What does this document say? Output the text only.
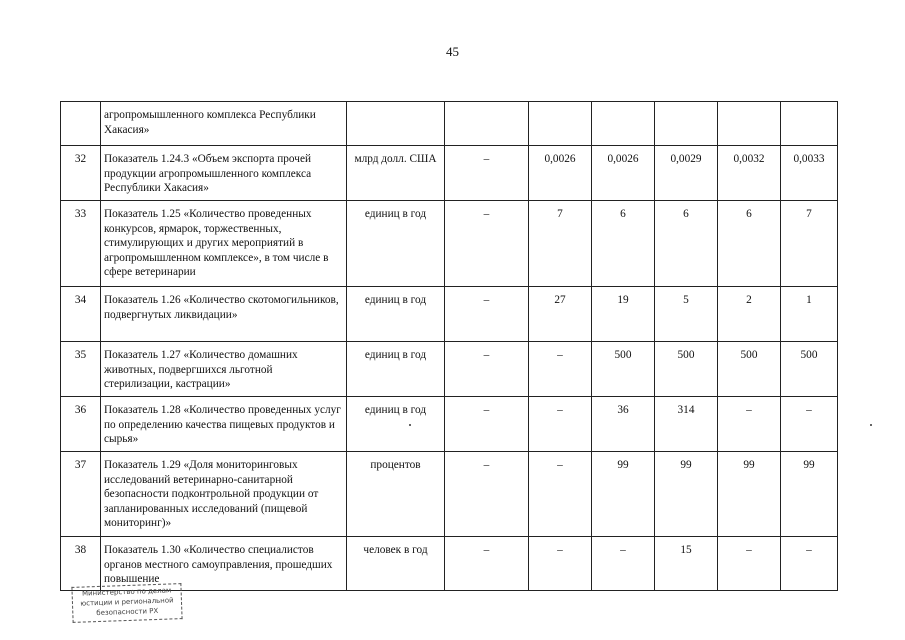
45
	агропромышленного комплекса Республики Хакасия»							
32	Показатель 1.24.3 «Объем экспорта прочей продукции агропромышленного комплекса Республики Хакасия»	млрд долл. США	–	0,0026	0,0026	0,0029	0,0032	0,0033
33	Показатель 1.25 «Количество проведенных конкурсов, ярмарок, торжественных, стимулирующих и других мероприятий в агропромышленном комплексе», в том числе в сфере ветеринарии	единиц в год	–	7	6	6	6	7
34	Показатель 1.26 «Количество скотомогильников, подвергнутых ликвидации»	единиц в год	–	27	19	5	2	1
35	Показатель 1.27 «Количество домашних животных, подвергшихся льготной стерилизации, кастрации»	единиц в год	–	–	500	500	500	500
36	Показатель 1.28 «Количество проведенных услуг по определению качества пищевых продуктов и сырья»	единиц в год	–	–	36	314	–	–
37	Показатель 1.29 «Доля мониторинговых исследований ветеринарно-санитарной безопасности подконтрольной продукции от запланированных исследований (пищевой мониторинг)»	процентов	–	–	99	99	99	99
38	Показатель 1.30 «Количество специалистов органов местного самоуправления, прошедших повышение	человек в год	–	–	–	15	–	–
Министерство по делам
юстиции и региональной
безопасности РХ
